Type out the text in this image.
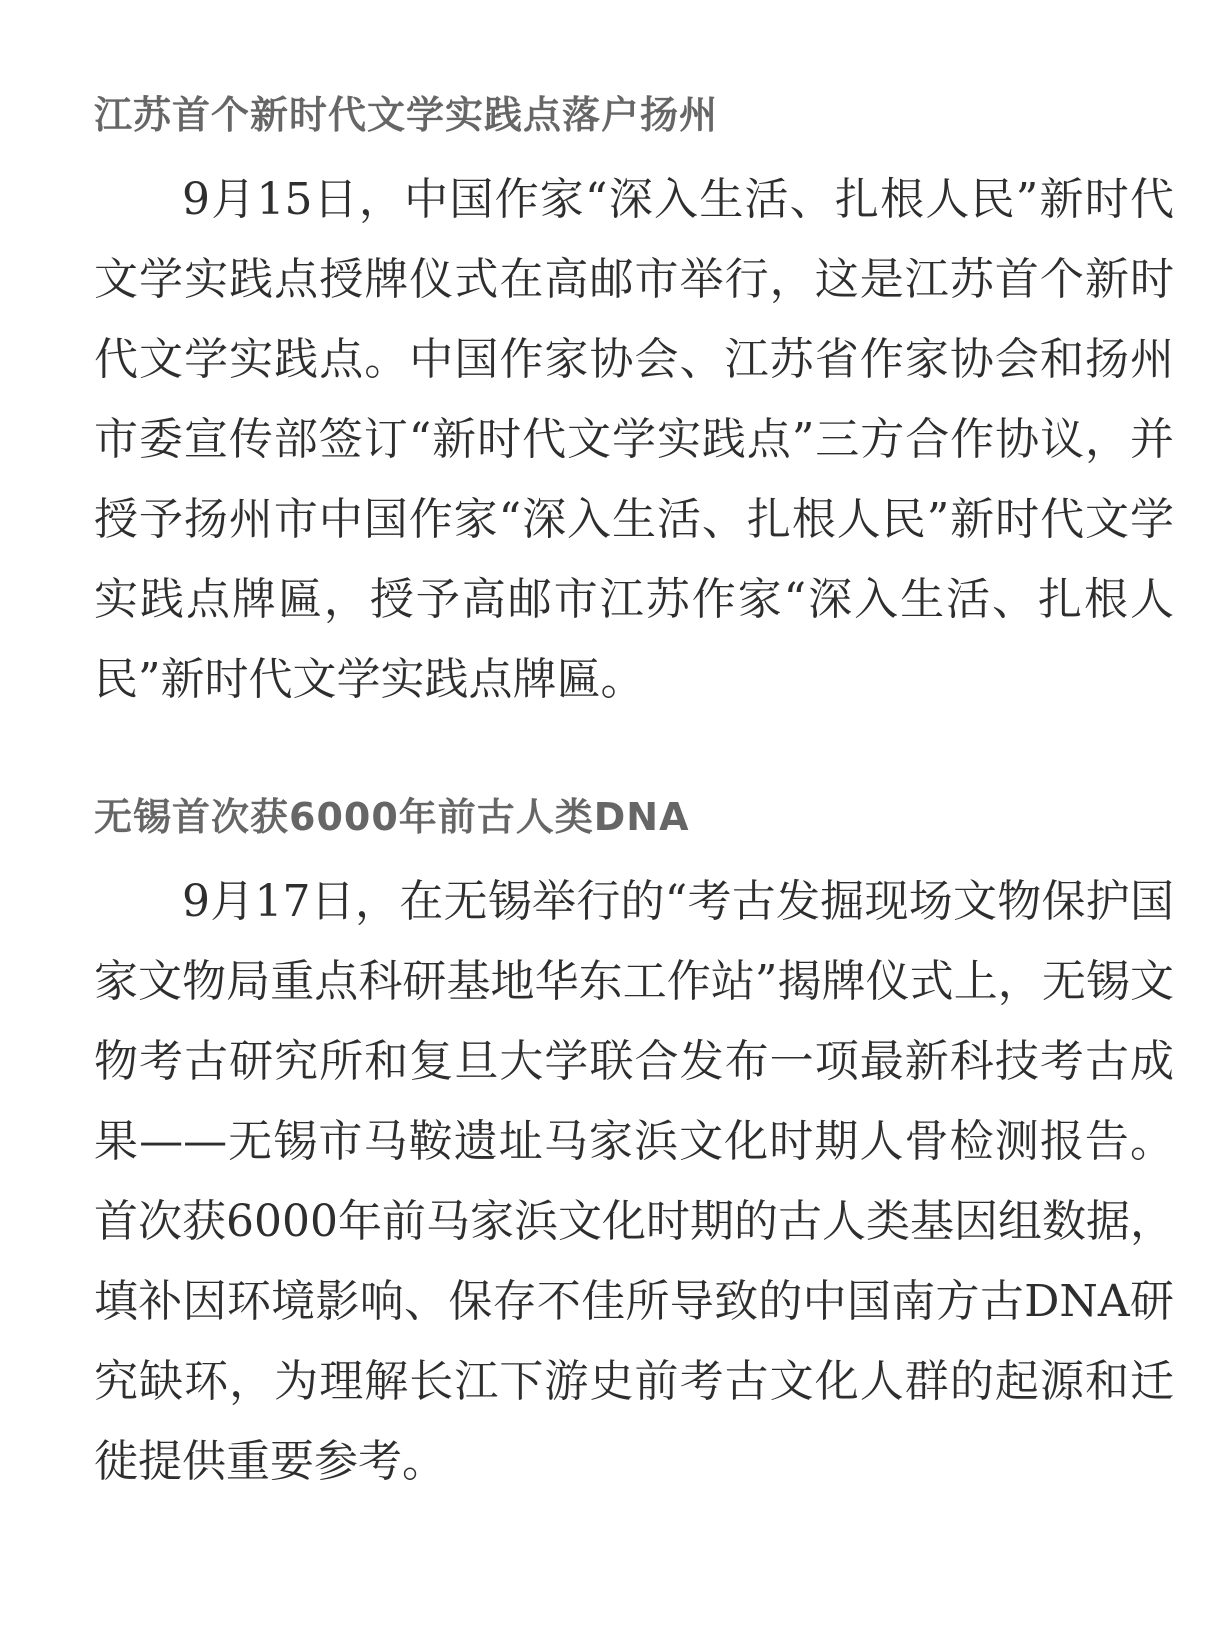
江苏首个新时代文学实践点落户扬州

9月15日，中国作家“深入生活、扎根人民”新时代文学实践点授牌仪式在高邮市举行，这是江苏首个新时代文学实践点。中国作家协会、江苏省作家协会和扬州市委宣传部签订“新时代文学实践点”三方合作协议，并授予扬州市中国作家“深入生活、扎根人民”新时代文学实践点牌匾，授予高邮市江苏作家“深入生活、扎根人民”新时代文学实践点牌匾。

无锡首次获6000年前古人类DNA

9月17日，在无锡举行的“考古发掘现场文物保护国家文物局重点科研基地华东工作站”揭牌仪式上，无锡文物考古研究所和复旦大学联合发布一项最新科技考古成果——无锡市马鞍遗址马家浜文化时期人骨检测报告。首次获6000年前马家浜文化时期的古人类基因组数据，填补因环境影响、保存不佳所导致的中国南方古DNA研究缺环，为理解长江下游史前考古文化人群的起源和迁徙提供重要参考。
